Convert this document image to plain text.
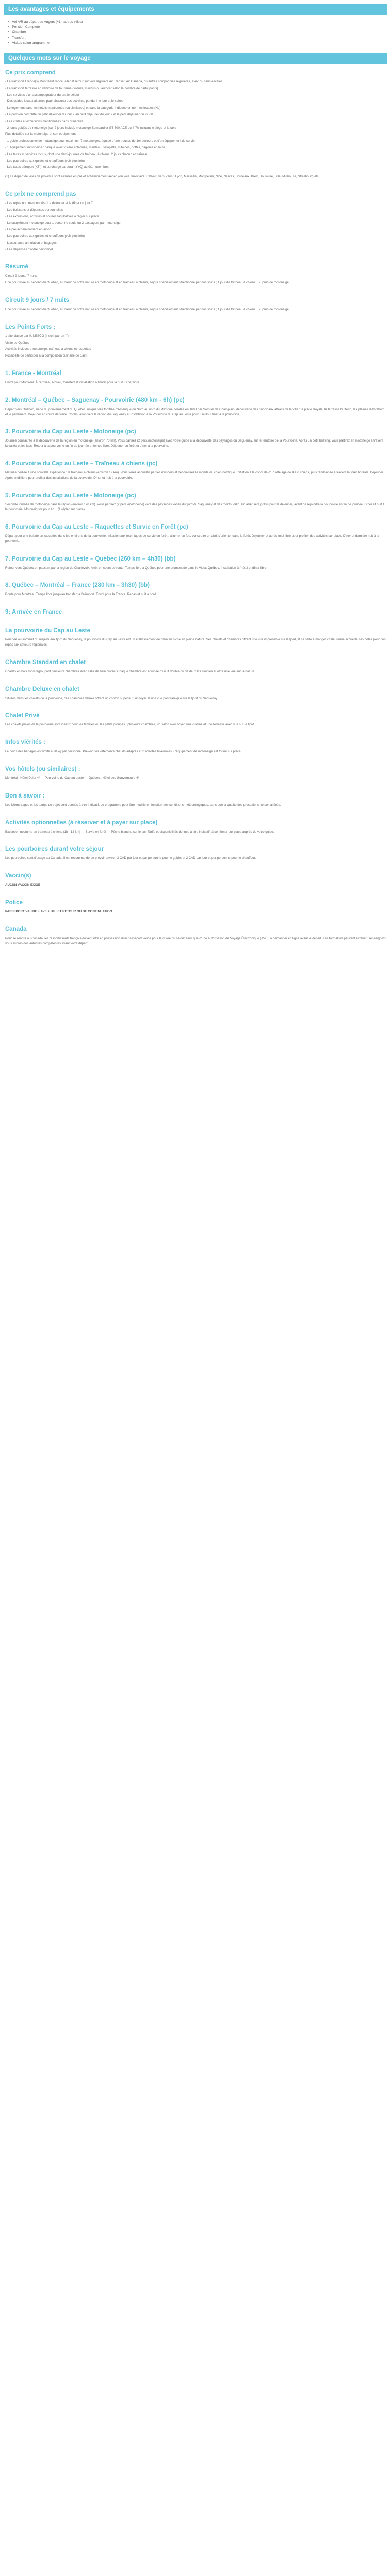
Les avantages et équipements
• Vol A/R au départ de Angers (+1h autres villes)
• Pension Complète
• Chambre
• Transfert
• Visites selon programme
Quelques mots sur le voyage
Ce prix comprend
- Le transport France(s) Montréal/France, aller et retour sur vols réguliers Air Transat, Air Canada, ou autres compagnies régulières, avec ou sans escales
- Le transport terrestre en véhicule de tourisme (voiture, minibus ou autocar selon le nombre de participants)
- Les services d'un accompagnateur durant le séjour
- Des guides locaux alternés pour chacune des activités, pendant le jour et le soirée
- Le logement dans les hôtels mentionnés (ou similaires) et dans la catégorie indiquée en normes locales (NL)
- La pension complète du petit déjeuner du jour 2 au petit déjeuner du jour 7 et le petit déjeuner du jour 8
- Les visites et excursions mentionnées dans l'itinéraire
- 2 jours guidés de motoneige (sur 2 jours inclus), motoneige Bombardier GT 600 ACE ou 4-7h incluant le siège et la taxe
Plus détaillée sur la motoneige et son équipement
- 1 guide professionnel de motoneige pour maximum 7 motoneiges, équipé d'une trousse de 1er secours et d'un équipement de survie
- 1 équipement motoneige : casque avec visière anti-buée, manteau, salopette, mitaines, bottes, cagoule en laine
- Les taxes et services inclus, dont une demi-journée de traîneau à chiens, 2 jours chacun et traîneau
- Les pourboires aux guides et chauffeurs (voir plus loin)
- Les taxes aéroport (XTI), et surcharge carburant (YQ) au 9/1 novembre.
(1) Le départ de villes de province sont assurés en pré et acheminement aérien (ou voie ferroviaire TGV-air) vers Paris : Lyon, Marseille, Montpellier, Nice, Nantes, Bordeaux, Brest, Toulouse, Lille, Mulhouse, Strasbourg etc.
Ce prix ne comprend pas
- Les repas non mentionnés - Le déjeuner et le dîner du jour 7
- Les boissons et dépenses personnelles
- Les excursions, activités et soirées facultatives à régler sur place
- Le supplément motoneige pour 1 personne seule ou 2 passagers par motoneige
- La pré-acheminement en avion
- Les pourboires aux guides et chauffeurs (voir plus loin)
- L'assurance annulation et bagages
- Les dépenses d'ordre personnel
Résumé
Circuit 9 jours / 7 nuits
Une pour vivre au second du Québec, au cœur de notre nature en motoneige et en traîneau à chiens, séjour spécialement sélectionné par nos soins ; 1 jour de traîneau à chiens + 2 jours de motoneige
Circuit 9 jours / 7 nuits
Une pour vivre au second du Québec, au cœur de notre nature en motoneige et en traîneau à chiens, séjour spécialement sélectionné par nos soins ; 1 jour de traîneau à chiens + 2 jours de motoneige
Les Points Forts :
1 site classé par l'UNESCO (inscrit par un "")
Visite de Québec
Activités incluses : motoneige, traîneau à chiens et raquettes
Possibilité de participer à la composition culinaire de Saint
1. France - Montréal
Envol pour Montréal. À l'arrivée, accueil, transfert et installation à l'hôtel pour la nuit. Dîner libre.
2. Montréal – Québec – Saguenay - Pourvoirie (480 km - 6h) (pc)
Départ vers Québec, siège du gouvernement du Québec, unique ville fortifiée d'Amérique du Nord au nord du Mexique, fondée en 1608 par Samuel de Champlain, découverte des principaux attraits de la ville : la place Royale, la terrasse Dufferin, les plaines d'Abraham et le parlement. Déjeuner en cours de visite. Continuation vers la région du Saguenay et installation à la Pourvoirie du Cap au Leste pour 3 nuits. Dîner à la pourvoirie.
3. Pourvoirie du Cap au Leste - Motoneige (pc)
Journée consacrée à la découverte de la région en motoneige (environ 70 km). Vous partirez (2 pers./motoneige) avec votre guide à la découverte des paysages du Saguenay, sur le territoire de la Pourvoirie. Après un petit briefing, vous partirez en motoneige à travers la vallée et les lacs. Retour à la pourvoirie en fin de journée et temps libre. Déjeuner en forêt et dîner à la pourvoirie.
4. Pourvoirie du Cap au Leste – Traîneau à chiens (pc)
Matinée dédiée à une nouvelle expérience : le traîneau à chiens (environ 12 km). Vous serez accueillis par les mushers et découvrirez le monde du chien nordique. Initiation à la conduite d'un attelage de 4 à 6 chiens, puis randonnée à travers la forêt boréale. Déjeuner. Après-midi libre pour profiter des installations de la pourvoirie. Dîner et nuit à la pourvoirie.
5. Pourvoirie du Cap au Leste - Motoneige (pc)
Seconde journée de motoneige dans la région (environ 120 km). Vous partirez (2 pers./motoneige) vers des paysages variés du fjord du Saguenay et des monts Valin. Un arrêt sera prévu pour le déjeuner, avant de rejoindre la pourvoirie en fin de journée. Dîner et nuit à la pourvoirie. Motoneigiste pour 4h + (à régler sur place).
6. Pourvoirie du Cap au Leste – Raquettes et Survie en Forêt (pc)
Départ pour une balade en raquettes dans les environs de la pourvoirie. Initiation aux techniques de survie en forêt : allumer un feu, construire un abri, s'orienter dans la forêt. Déjeuner et après-midi libre pour profiter des activités sur place. Dîner et dernière nuit à la pourvoirie.
7. Pourvoirie du Cap au Leste – Québec (260 km – 4h30) (bb)
Retour vers Québec en passant par la région de Charlevoix. Arrêt en cours de route. Temps libre à Québec pour une promenade dans le Vieux-Québec. Installation à l'hôtel et dîner libre.
8. Québec – Montréal – France (280 km – 3h30) (bb)
Route pour Montréal. Temps libre jusqu'au transfert à l'aéroport. Envol pour la France. Repas et nuit à bord.
9: Arrivée en France
La pourvoirie du Cap au Leste
Perchée au sommet du majestueux fjord du Saguenay, la pourvoirie du Cap au Leste est un établissement de plein air niché en pleine nature. Ses chalets et chambres offrent une vue imprenable sur le fjord, et sa salle à manger chaleureuse accueille ses hôtes pour des repas aux saveurs régionales.
Chambre Standard en chalet
Chalets en bois rond regroupant plusieurs chambres avec salle de bain privée. Chaque chambre est équipée d'un lit double ou de deux lits simples et offre une vue sur la nature.
Chambre Deluxe en chalet
Situées dans les chalets de la pourvoirie, ces chambres deluxe offrent un confort supérieur, un foyer et une vue panoramique sur le fjord du Saguenay.
Chalet Privé
Les chalets privés de la pourvoirie sont idéaux pour les familles ou les petits groupes : plusieurs chambres, un salon avec foyer, une cuisine et une terrasse avec vue sur le fjord.
Infos viérités :
Le poids des bagages est limité à 20 kg par personne. Prévoir des vêtements chauds adaptés aux activités hivernales. L'équipement de motoneige est fourni sur place.
Vos hôtels (ou similaires) :
Montréal : Hôtel Delta 4* — Pourvoirie du Cap au Leste — Québec : Hôtel des Gouverneurs 4*
Bon à savoir :
Les kilométrages et les temps de trajet sont donnés à titre indicatif. Le programme peut être modifié en fonction des conditions météorologiques, sans que la qualité des prestations ne soit altérée.
Activités optionnelles (à réserver et à payer sur place)
Excursion nocturne en traîneau à chiens (1h - 12 km) — Survie en forêt — Pêche blanche sur le lac. Tarifs et disponibilités donnés à titre indicatif, à confirmer sur place auprès de votre guide.
Les pourboires durant votre séjour
Les pourboires sont d'usage au Canada. Il est recommandé de prévoir environ 3 CAD par jour et par personne pour le guide, et 2 CAD par jour et par personne pour le chauffeur.
Vaccin(s)
AUCUN VACCIN EXIGÉ
Police
PASSEPORT VALIDE + AVE + BILLET RETOUR OU DE CONTINUATION
Canada
Pour se rendre au Canada, les ressortissants français doivent être en possession d'un passeport valide pour la durée du séjour ainsi que d'une Autorisation de Voyage Électronique (AVE), à demander en ligne avant le départ. Les formalités peuvent évoluer : renseignez-vous auprès des autorités compétentes avant votre départ.
